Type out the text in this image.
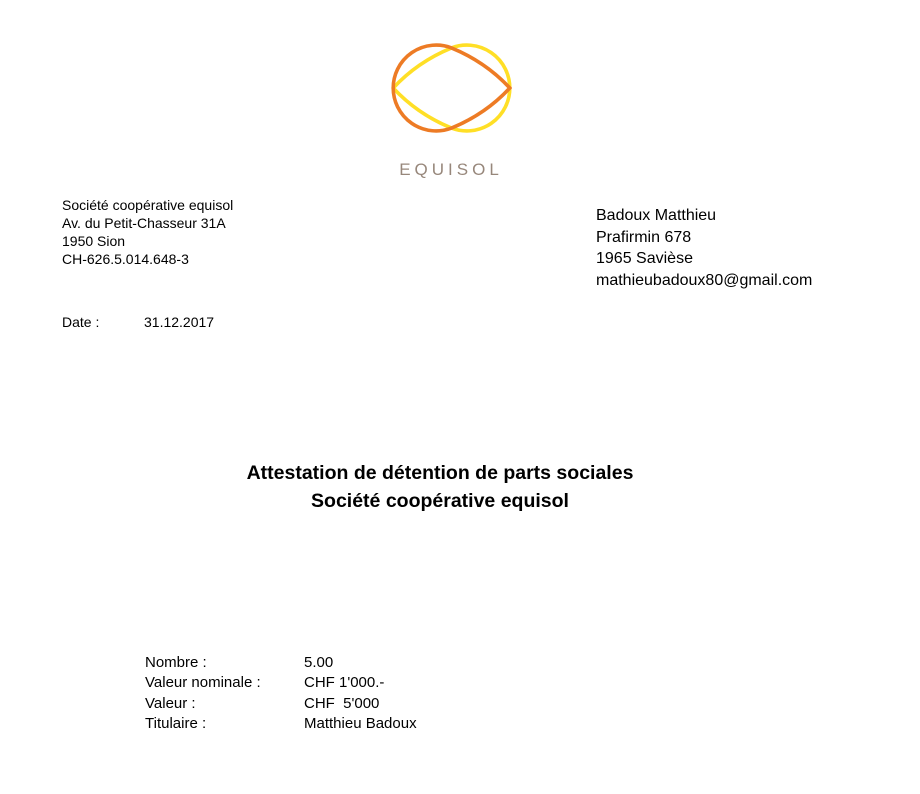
EQUISOL
Société coopérative equisol
Av. du Petit-Chasseur 31A
1950 Sion
CH-626.5.014.648-3
Badoux Matthieu
Prafirmin 678
1965 Savièse
mathieubadoux80@gmail.com
Date :	31.12.2017
Attestation de détention de parts sociales
Société coopérative equisol
Nombre :	5.00
Valeur nominale :	CHF 1'000.-
Valeur :	CHF  5'000
Titulaire :	Matthieu Badoux
